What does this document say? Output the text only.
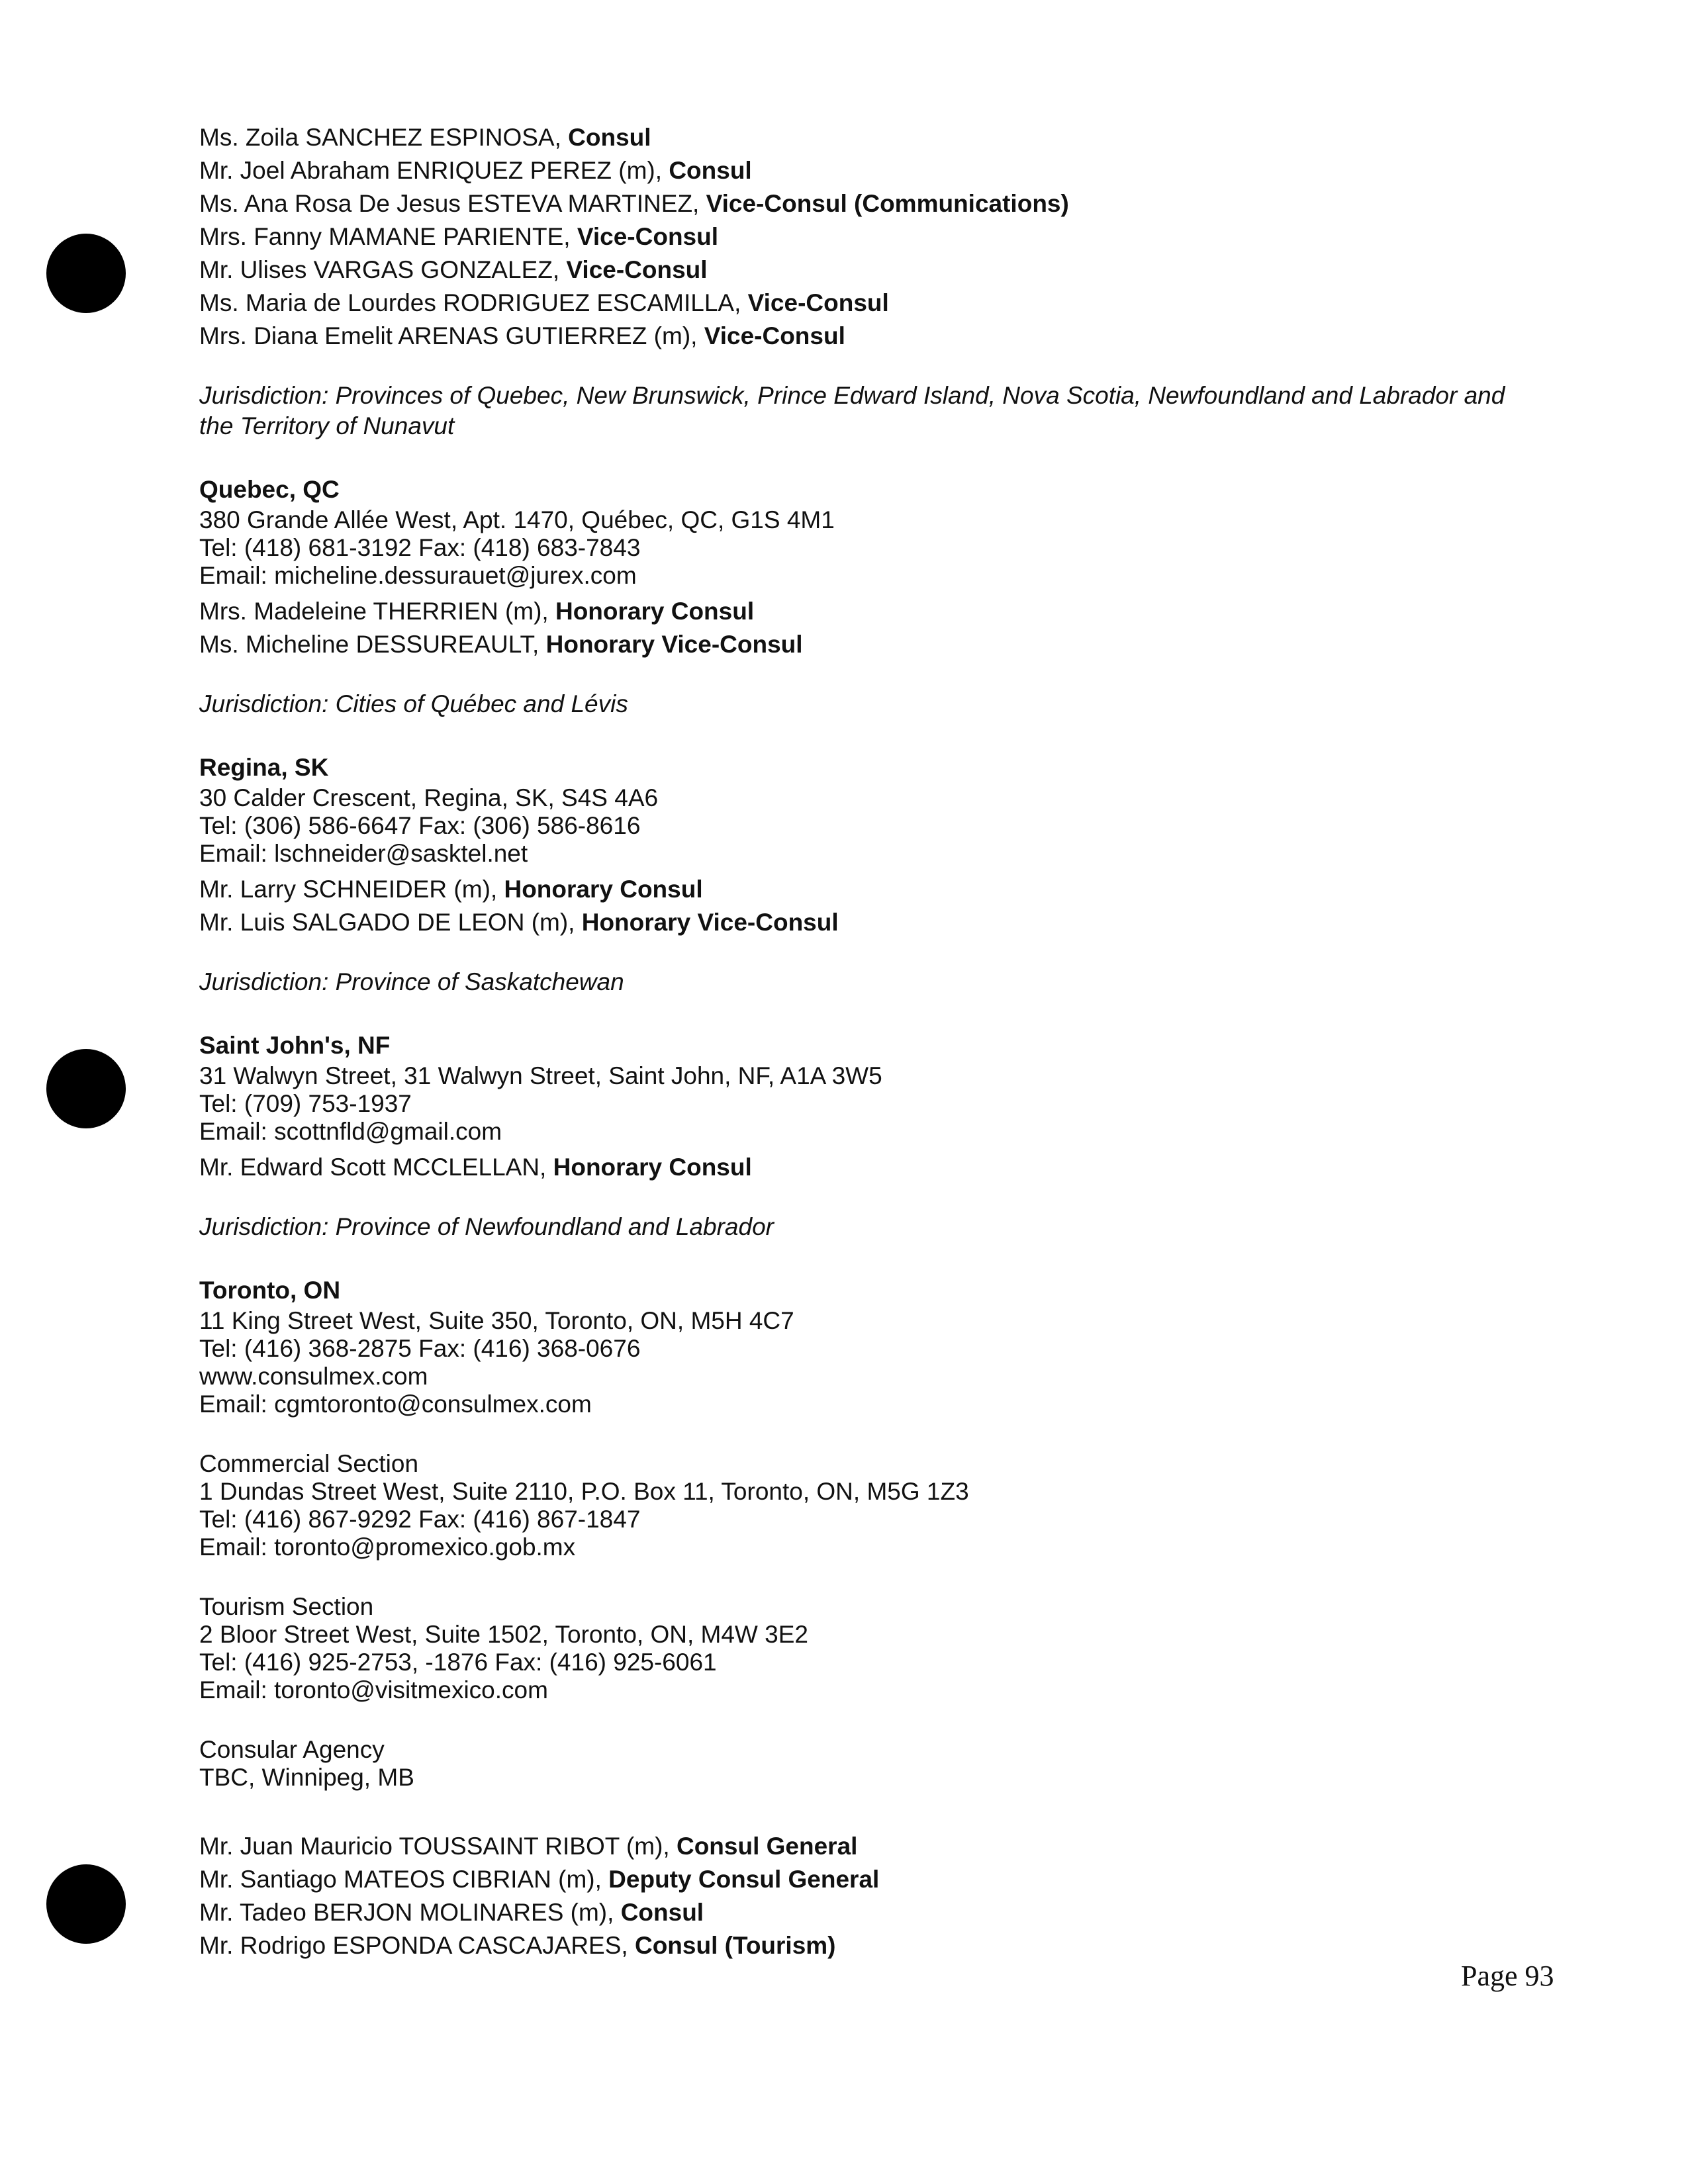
Ms. Zoila SANCHEZ ESPINOSA, Consul

Mr. Joel Abraham ENRIQUEZ PEREZ (m), Consul

Ms. Ana Rosa De Jesus ESTEVA MARTINEZ, Vice-Consul (Communications)

Mrs. Fanny MAMANE PARIENTE, Vice-Consul

Mr. Ulises VARGAS GONZALEZ, Vice-Consul

Ms. Maria de Lourdes RODRIGUEZ ESCAMILLA, Vice-Consul

Mrs. Diana Emelit ARENAS GUTIERREZ (m), Vice-Consul

Jurisdiction: Provinces of Quebec, New Brunswick, Prince Edward Island, Nova Scotia, Newfoundland and Labrador and the Territory of Nunavut

Quebec, QC

380 Grande Allée West, Apt. 1470, Québec, QC, G1S 4M1

Tel: (418) 681-3192 Fax: (418) 683-7843

Email: micheline.dessurauet@jurex.com

Mrs. Madeleine THERRIEN (m), Honorary Consul

Ms. Micheline DESSUREAULT, Honorary Vice-Consul

Jurisdiction: Cities of Québec and Lévis

Regina, SK

30 Calder Crescent, Regina, SK, S4S 4A6

Tel: (306) 586-6647 Fax: (306) 586-8616

Email: lschneider@sasktel.net

Mr. Larry SCHNEIDER (m), Honorary Consul

Mr. Luis SALGADO DE LEON (m), Honorary Vice-Consul

Jurisdiction: Province of Saskatchewan

Saint John's, NF

31 Walwyn Street, 31 Walwyn Street, Saint John, NF, A1A 3W5

Tel: (709) 753-1937

Email: scottnfld@gmail.com

Mr. Edward Scott MCCLELLAN, Honorary Consul

Jurisdiction: Province of Newfoundland and Labrador

Toronto, ON

11 King Street West, Suite 350, Toronto, ON, M5H 4C7

Tel: (416) 368-2875 Fax: (416) 368-0676

www.consulmex.com

Email: cgmtoronto@consulmex.com

Commercial Section

1 Dundas Street West, Suite 2110, P.O. Box 11, Toronto, ON, M5G 1Z3

Tel: (416) 867-9292 Fax: (416) 867-1847

Email: toronto@promexico.gob.mx

Tourism Section

2 Bloor Street West, Suite 1502, Toronto, ON, M4W 3E2

Tel: (416) 925-2753, -1876 Fax: (416) 925-6061

Email: toronto@visitmexico.com

Consular Agency

TBC, Winnipeg, MB

Mr. Juan Mauricio TOUSSAINT RIBOT (m), Consul General

Mr. Santiago MATEOS CIBRIAN (m), Deputy Consul General

Mr. Tadeo BERJON MOLINARES (m), Consul

Mr. Rodrigo ESPONDA CASCAJARES, Consul (Tourism)

Page 93
